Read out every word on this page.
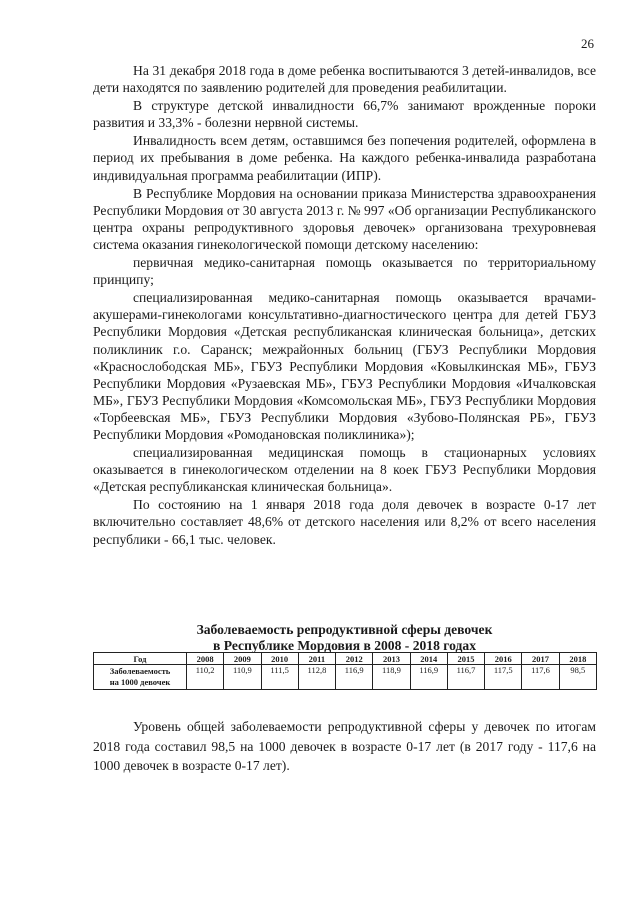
26

На 31 декабря 2018 года в доме ребенка воспитываются 3 детей-инвалидов, все дети находятся по заявлению родителей для проведения реабилитации.

В структуре детской инвалидности 66,7% занимают врожденные пороки развития и 33,3% - болезни нервной системы.

Инвалидность всем детям, оставшимся без попечения родителей, оформлена в период их пребывания в доме ребенка. На каждого ребенка-инвалида разработана индивидуальная программа реабилитации (ИПР).

В Республике Мордовия на основании приказа Министерства здравоохранения Республики Мордовия от 30 августа 2013 г. № 997 «Об организации Республиканского центра охраны репродуктивного здоровья девочек» организована трехуровневая система оказания гинекологической помощи детскому населению:

первичная медико-санитарная помощь оказывается по территориальному принципу;

специализированная медико-санитарная помощь оказывается врачами-акушерами-гинекологами консультативно-диагностического центра для детей ГБУЗ Республики Мордовия «Детская республиканская клиническая больница», детских поликлиник г.о. Саранск; межрайонных больниц (ГБУЗ Республики Мордовия «Краснослободская МБ», ГБУЗ Республики Мордовия «Ковылкинская МБ», ГБУЗ Республики Мордовия «Рузаевская МБ», ГБУЗ Республики Мордовия «Ичалковская МБ», ГБУЗ Республики Мордовия «Комсомольская МБ», ГБУЗ Республики Мордовия «Торбеевская МБ», ГБУЗ Республики Мордовия «Зубово-Полянская РБ», ГБУЗ Республики Мордовия «Ромодановская поликлиника»);

специализированная медицинская помощь в стационарных условиях оказывается в гинекологическом отделении на 8 коек ГБУЗ Республики Мордовия «Детская республиканская клиническая больница».

По состоянию на 1 января 2018 года доля девочек в возрасте 0-17 лет включительно составляет 48,6% от детского населения или 8,2% от всего населения республики - 66,1 тыс. человек.

Заболеваемость репродуктивной сферы девочек
в Республике Мордовия в 2008 - 2018 годах
Год	2008	2009	2010	2011	2012	2013	2014	2015	2016	2017	2018

Заболеваемость
на 1000 девочек	110,2	110,9	111,5	112,8	116,9	118,9	116,9	116,7	117,5	117,6	98,5

Уровень общей заболеваемости репродуктивной сферы у девочек по итогам 2018 года составил 98,5 на 1000 девочек в возрасте 0-17 лет (в 2017 году - 117,6 на 1000 девочек в возрасте 0-17 лет).
